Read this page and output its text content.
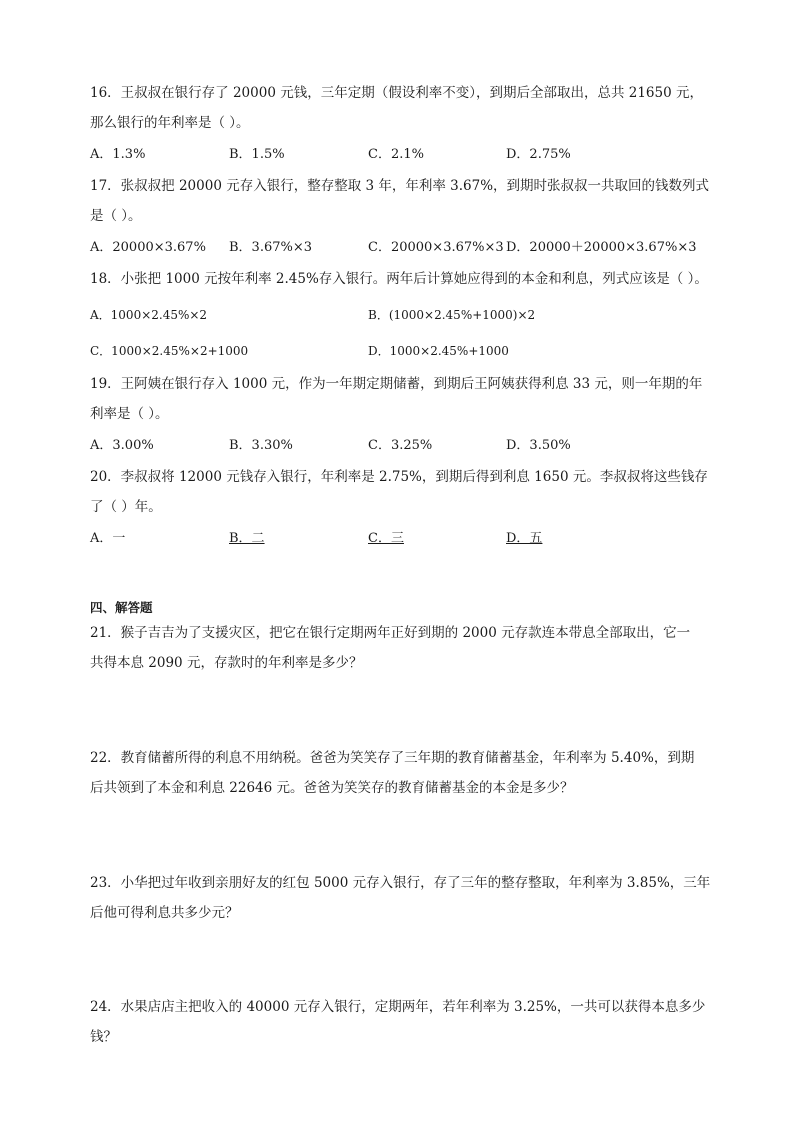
16．王叔叔在银行存了 20000 元钱，三年定期（假设利率不变），到期后全部取出，总共 21650 元，
那么银行的年利率是（ ）。
A．1.3%	B．1.5%	C．2.1%	D．2.75%
17．张叔叔把 20000 元存入银行，整存整取 3 年，年利率 3.67%，到期时张叔叔一共取回的钱数列式
是（ ）。
A．20000×3.67% B．3.67%×3	C．20000×3.67%×3 D．20000＋20000×3.67%×3
18．小张把 1000 元按年利率 2.45%存入银行。两年后计算她应得到的本金和利息，列式应该是（ ）。
A．1000×2.45%×2	B．(1000×2.45%+1000)×2
C．1000×2.45%×2+1000	D．1000×2.45%+1000
19．王阿姨在银行存入 1000 元，作为一年期定期储蓄，到期后王阿姨获得利息 33 元，则一年期的年
利率是（ ）。
A．3.00%	B．3.30%	C．3.25%	D．3.50%
20．李叔叔将 12000 元钱存入银行，年利率是 2.75%，到期后得到利息 1650 元。李叔叔将这些钱存
了（ ）年。
A．一	B．二	C．三	D．五
四、解答题
21．猴子吉吉为了支援灾区，把它在银行定期两年正好到期的 2000 元存款连本带息全部取出，它一
共得本息 2090 元，存款时的年利率是多少？
22．教育储蓄所得的利息不用纳税。爸爸为笑笑存了三年期的教育储蓄基金，年利率为 5.40%，到期
后共领到了本金和利息 22646 元。爸爸为笑笑存的教育储蓄基金的本金是多少？
23．小华把过年收到亲朋好友的红包 5000 元存入银行，存了三年的整存整取，年利率为 3.85%，三年
后他可得利息共多少元？
24．水果店店主把收入的 40000 元存入银行，定期两年，若年利率为 3.25%，一共可以获得本息多少
钱？
